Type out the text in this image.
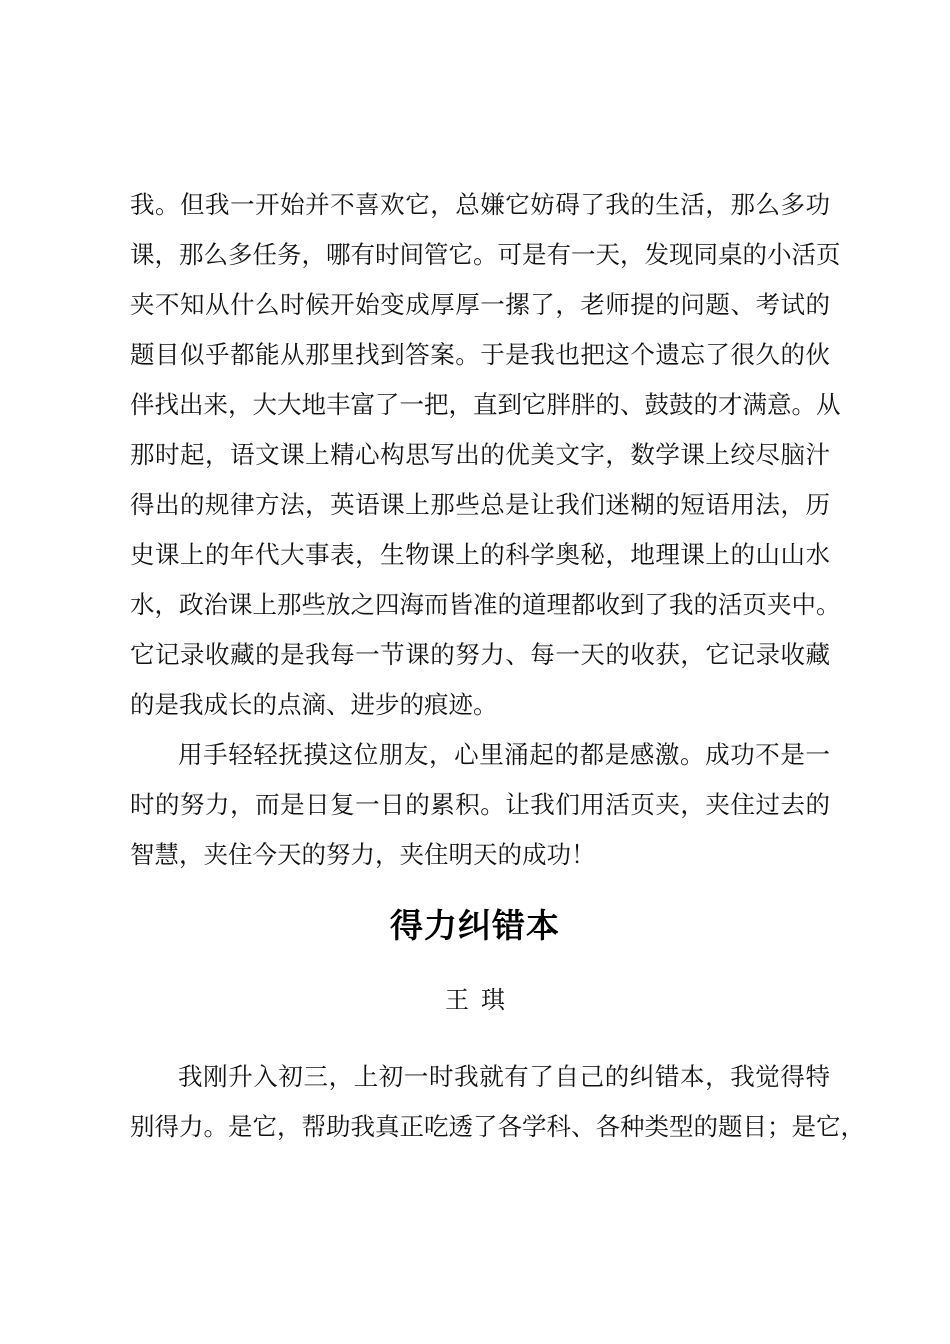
我。但我一开始并不喜欢它，总嫌它妨碍了我的生活，那么多功
课，那么多任务，哪有时间管它。可是有一天，发现同桌的小活页
夹不知从什么时候开始变成厚厚一摞了，老师提的问题、考试的
题目似乎都能从那里找到答案。于是我也把这个遗忘了很久的伙
伴找出来，大大地丰富了一把，直到它胖胖的、鼓鼓的才满意。从
那时起，语文课上精心构思写出的优美文字，数学课上绞尽脑汁
得出的规律方法，英语课上那些总是让我们迷糊的短语用法，历
史课上的年代大事表，生物课上的科学奥秘，地理课上的山山水
水，政治课上那些放之四海而皆准的道理都收到了我的活页夹中。
它记录收藏的是我每一节课的努力、每一天的收获，它记录收藏
的是我成长的点滴、进步的痕迹。
用手轻轻抚摸这位朋友，心里涌起的都是感激。成功不是一
时的努力，而是日复一日的累积。让我们用活页夹，夹住过去的
智慧，夹住今天的努力，夹住明天的成功！
得力纠错本
王琪
我刚升入初三，上初一时我就有了自己的纠错本，我觉得特
别得力。是它，帮助我真正吃透了各学科、各种类型的题目；是它，
